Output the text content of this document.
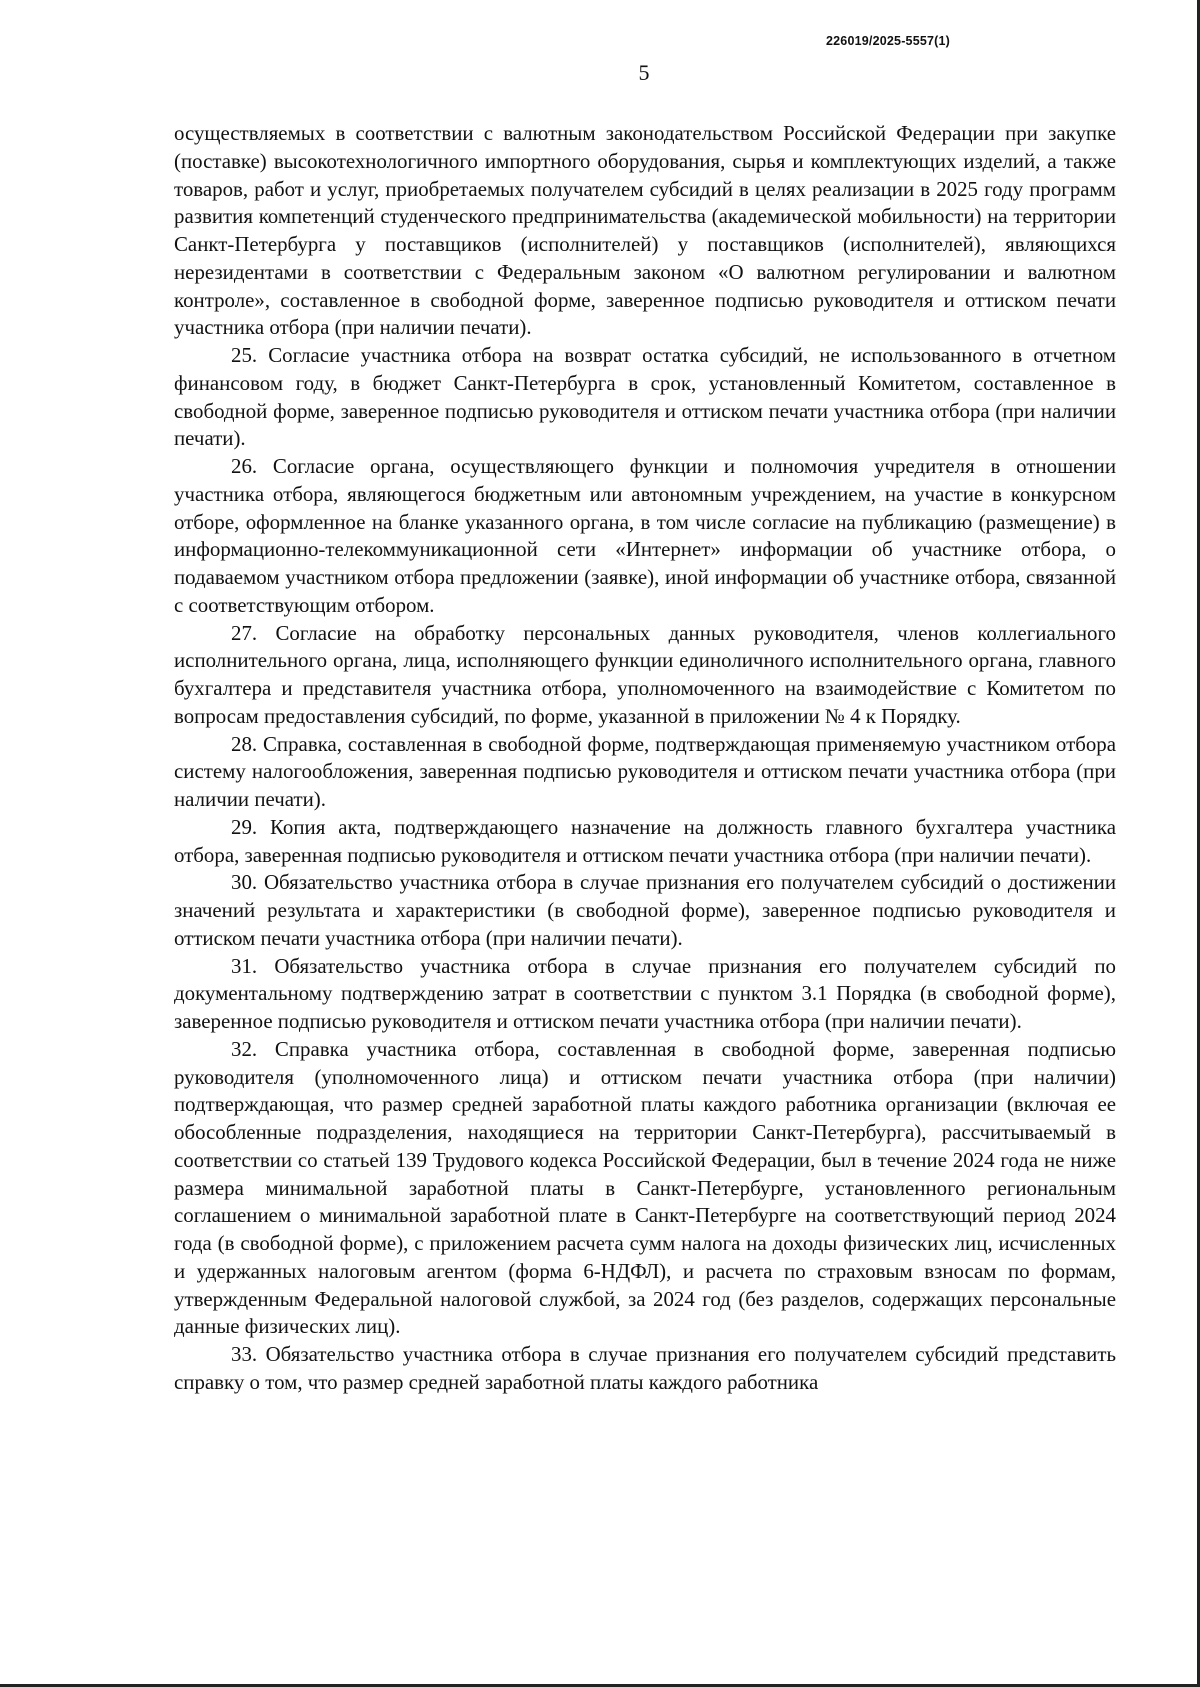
226019/2025-5557(1)
5

осуществляемых в соответствии с валютным законодательством Российской Федерации при закупке (поставке) высокотехнологичного импортного оборудования, сырья и комплектующих изделий, а также товаров, работ и услуг, приобретаемых получателем субсидий в целях реализации в 2025 году программ развития компетенций студенческого предпринимательства (академической мобильности) на территории Санкт-Петербурга у поставщиков (исполнителей) у поставщиков (исполнителей), являющихся нерезидентами в соответствии с Федеральным законом «О валютном регулировании и валютном контроле», составленное в свободной форме, заверенное подписью руководителя и оттиском печати участника отбора (при наличии печати).

25. Согласие участника отбора на возврат остатка субсидий, не использованного в отчетном финансовом году, в бюджет Санкт-Петербурга в срок, установленный Комитетом, составленное в свободной форме, заверенное подписью руководителя и оттиском печати участника отбора (при наличии печати).

26. Согласие органа, осуществляющего функции и полномочия учредителя в отношении участника отбора, являющегося бюджетным или автономным учреждением, на участие в конкурсном отборе, оформленное на бланке указанного органа, в том числе согласие на публикацию (размещение) в информационно-телекоммуникационной сети «Интернет» информации об участнике отбора, о подаваемом участником отбора предложении (заявке), иной информации об участнике отбора, связанной с соответствующим отбором.

27. Согласие на обработку персональных данных руководителя, членов коллегиального исполнительного органа, лица, исполняющего функции единоличного исполнительного органа, главного бухгалтера и представителя участника отбора, уполномоченного на взаимодействие с Комитетом по вопросам предоставления субсидий, по форме, указанной в приложении № 4 к Порядку.

28. Справка, составленная в свободной форме, подтверждающая применяемую участником отбора систему налогообложения, заверенная подписью руководителя и оттиском печати участника отбора (при наличии печати).

29. Копия акта, подтверждающего назначение на должность главного бухгалтера участника отбора, заверенная подписью руководителя и оттиском печати участника отбора (при наличии печати).

30. Обязательство участника отбора в случае признания его получателем субсидий о достижении значений результата и характеристики (в свободной форме), заверенное подписью руководителя и оттиском печати участника отбора (при наличии печати).

31. Обязательство участника отбора в случае признания его получателем субсидий по документальному подтверждению затрат в соответствии с пунктом 3.1 Порядка (в свободной форме), заверенное подписью руководителя и оттиском печати участника отбора (при наличии печати).

32. Справка участника отбора, составленная в свободной форме, заверенная подписью руководителя (уполномоченного лица) и оттиском печати участника отбора (при наличии) подтверждающая, что размер средней заработной платы каждого работника организации (включая ее обособленные подразделения, находящиеся на территории Санкт-Петербурга), рассчитываемый в соответствии со статьей 139 Трудового кодекса Российской Федерации, был в течение 2024 года не ниже размера минимальной заработной платы в Санкт-Петербурге, установленного региональным соглашением о минимальной заработной плате в Санкт-Петербурге на соответствующий период 2024 года (в свободной форме), с приложением расчета сумм налога на доходы физических лиц, исчисленных и удержанных налоговым агентом (форма 6-НДФЛ), и расчета по страховым взносам по формам, утвержденным Федеральной налоговой службой, за 2024 год (без разделов, содержащих персональные данные физических лиц).

33. Обязательство участника отбора в случае признания его получателем субсидий представить справку о том, что размер средней заработной платы каждого работника
